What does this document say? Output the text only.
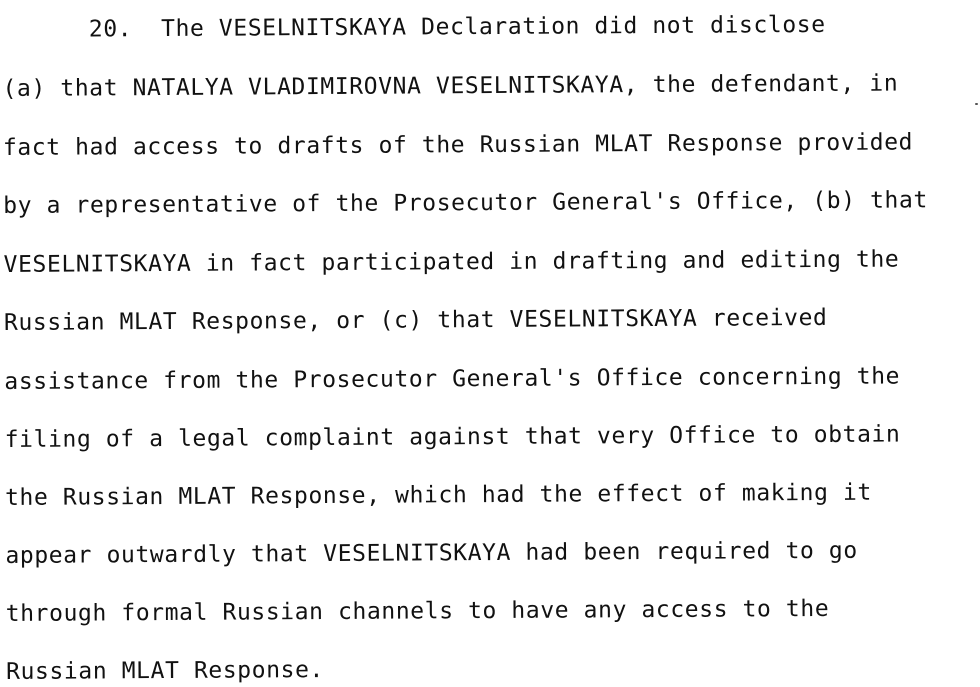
20.  The VESELNITSKAYA Declaration did not disclose
(a) that NATALYA VLADIMIROVNA VESELNITSKAYA, the defendant, in
fact had access to drafts of the Russian MLAT Response provided
by a representative of the Prosecutor General's Office, (b) that
VESELNITSKAYA in fact participated in drafting and editing the
Russian MLAT Response, or (c) that VESELNITSKAYA received
assistance from the Prosecutor General's Office concerning the
filing of a legal complaint against that very Office to obtain
the Russian MLAT Response, which had the effect of making it
appear outwardly that VESELNITSKAYA had been required to go
through formal Russian channels to have any access to the
Russian MLAT Response.
